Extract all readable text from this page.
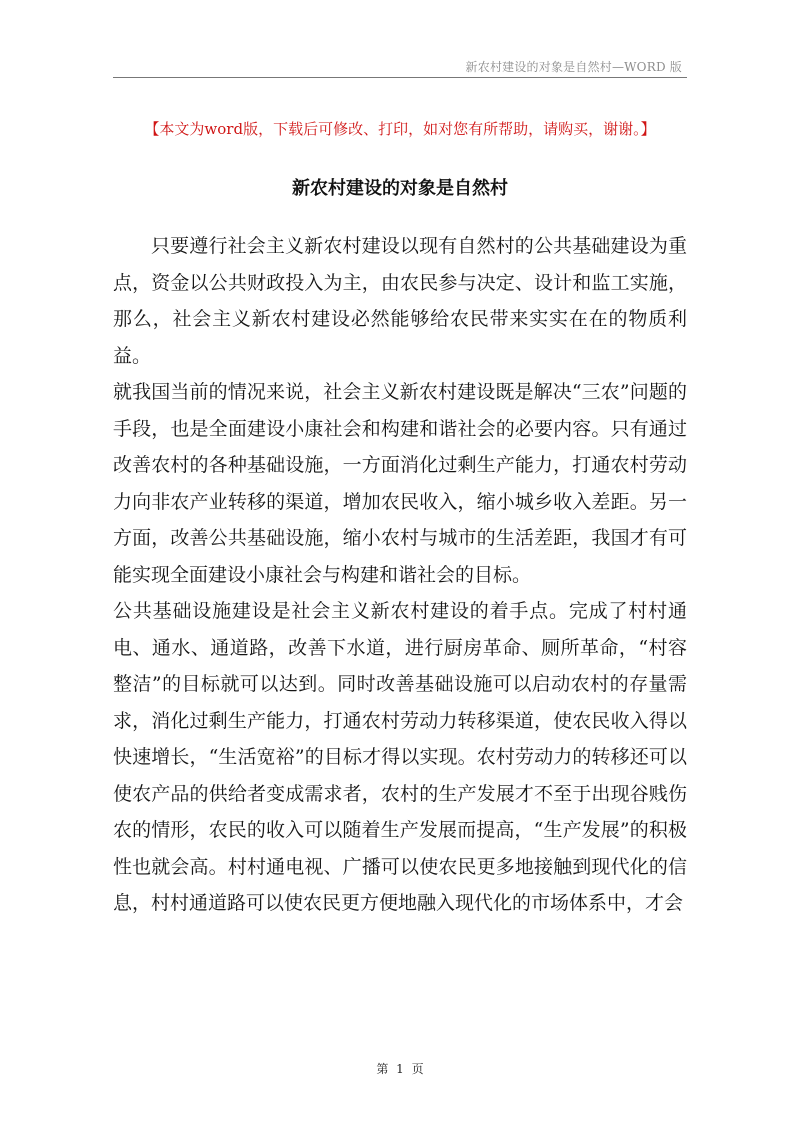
新农村建设的对象是自然村—WORD 版
【本文为word版，下载后可修改、打印，如对您有所帮助，请购买，谢谢。】
新农村建设的对象是自然村

只要遵行社会主义新农村建设以现有自然村的公共基础建设为重点，资金以公共财政投入为主，由农民参与决定、设计和监工实施，那么，社会主义新农村建设必然能够给农民带来实实在在的物质利益。

就我国当前的情况来说，社会主义新农村建设既是解决“三农”问题的手段，也是全面建设小康社会和构建和谐社会的必要内容。只有通过改善农村的各种基础设施，一方面消化过剩生产能力，打通农村劳动力向非农产业转移的渠道，增加农民收入，缩小城乡收入差距。另一方面，改善公共基础设施，缩小农村与城市的生活差距，我国才有可能实现全面建设小康社会与构建和谐社会的目标。

公共基础设施建设是社会主义新农村建设的着手点。完成了村村通电、通水、通道路，改善下水道，进行厨房革命、厕所革命，“村容整洁”的目标就可以达到。同时改善基础设施可以启动农村的存量需求，消化过剩生产能力，打通农村劳动力转移渠道，使农民收入得以快速增长，“生活宽裕”的目标才得以实现。农村劳动力的转移还可以使农产品的供给者变成需求者，农村的生产发展才不至于出现谷贱伤农的情形，农民的收入可以随着生产发展而提高，“生产发展”的积极性也就会高。村村通电视、广播可以使农民更多地接触到现代化的信息，村村通道路可以使农民更方便地融入现代化的市场体系中，才会

第 1 页
